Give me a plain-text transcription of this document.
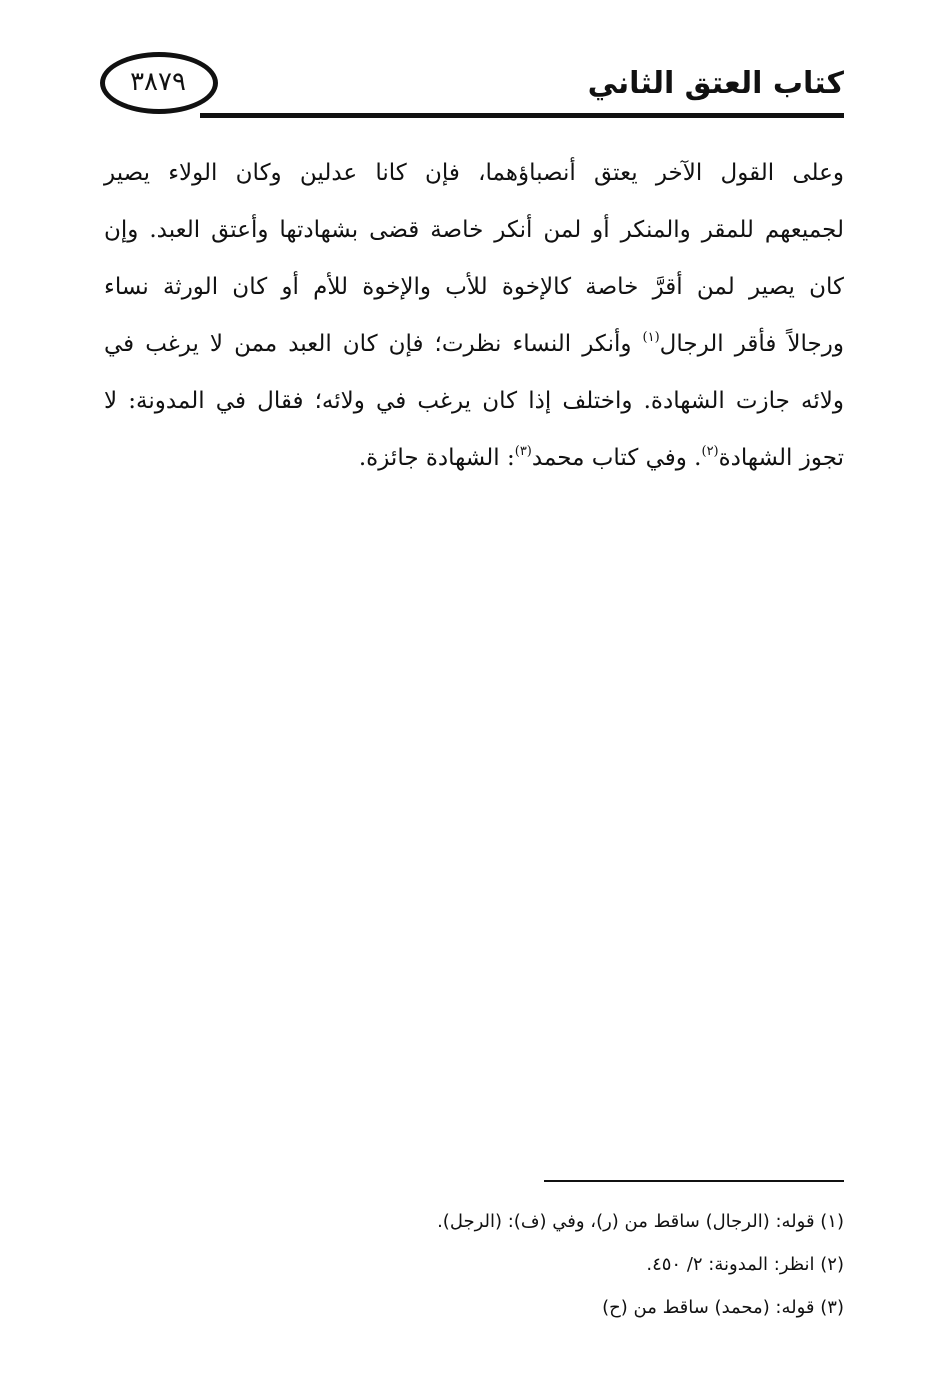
كتاب العتق الثاني
٣٨٧٩
وعلى القول الآخر يعتق أنصباؤهما، فإن كانا عدلين وكان الولاء يصير
لجميعهم للمقر والمنكر أو لمن أنكر خاصة قضى بشهادتها وأعتق العبد. وإن
كان يصير لمن أقرَّ خاصة كالإخوة للأب والإخوة للأم أو كان الورثة نساء
ورجالاً فأقر الرجال$^{(١)}$ وأنكر النساء نظرت؛ فإن كان العبد ممن لا يرغب في
ولائه جازت الشهادة. واختلف إذا كان يرغب في ولائه؛ فقال في المدونة: لا
تجوز الشهادة$^{(٢)}$. وفي كتاب محمد$^{(٣)}$: الشهادة جائزة.
(١) قوله: (الرجال) ساقط من (ر)، وفي (ف): (الرجل).
(٢) انظر: المدونة: ٢/ ٤٥٠.
(٣) قوله: (محمد) ساقط من (ح)
